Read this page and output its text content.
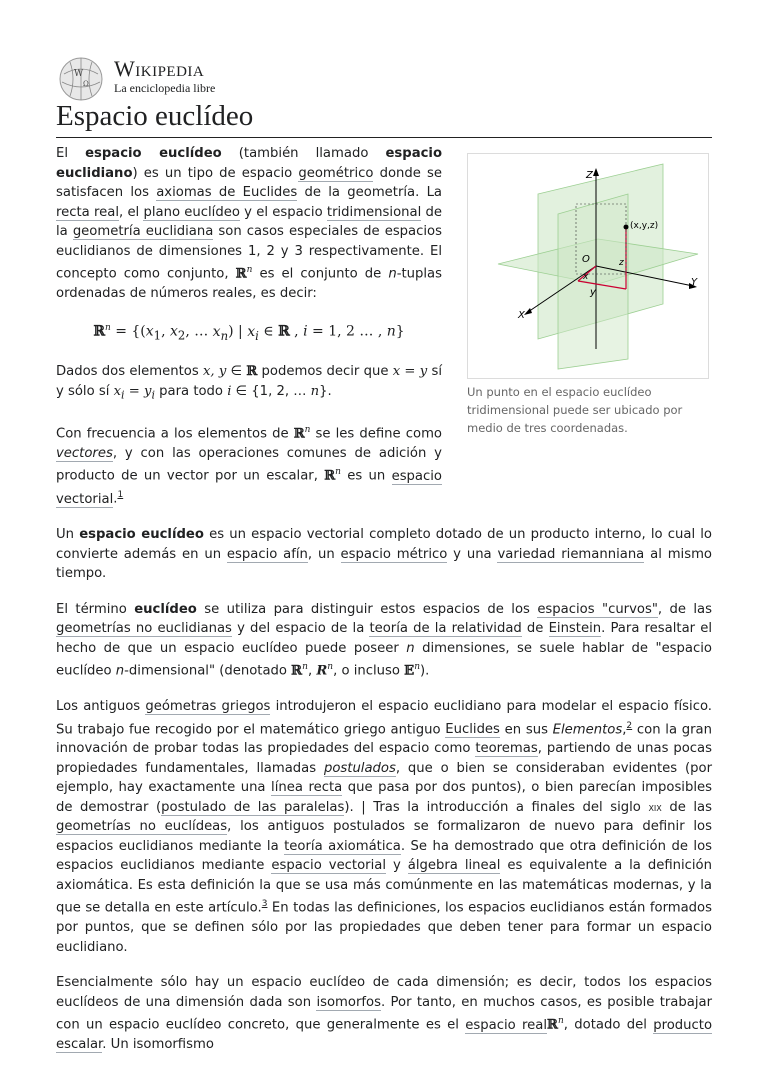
W
Ω
Wikipedia
La enciclopedia libre
Espacio euclídeo
Z
Y
X
O
(x,y,z)
x
y
z
Un punto en el espacio euclídeo tridimensional puede ser ubicado por medio de tres coordenadas.

El espacio euclídeo (también llamado espacio euclidiano) es un tipo de espacio geométrico donde se satisfacen los axiomas de Euclides de la geometría. La recta real, el plano euclídeo y el espacio tridimensional de la geometría euclidiana son casos especiales de espacios euclidianos de dimensiones 1, 2 y 3 respectivamente. El concepto como conjunto, ℝ$^n$ es el conjunto de n-tuplas ordenadas de números reales, es decir:

ℝ$^n$ = {($x_1$, $x_2$, … $x_n$) | $x_i$ ∈ ℝ , i = 1, 2 … , n}

Dados dos elementos x, y ∈ ℝ podemos decir que x = y sí y sólo sí $x_i = y_i$ para todo i ∈ {1, 2, … n}.

Con frecuencia a los elementos de ℝ$^n$ se les define como vectores, y con las operaciones comunes de adición y producto de un vector por un escalar, ℝ$^n$ es un espacio vectorial.$^1$

Un espacio euclídeo es un espacio vectorial completo dotado de un producto interno, lo cual lo convierte además en un espacio afín, un espacio métrico y una variedad riemanniana al mismo tiempo.

El término euclídeo se utiliza para distinguir estos espacios de los espacios "curvos", de las geometrías no euclidianas y del espacio de la teoría de la relatividad de Einstein. Para resaltar el hecho de que un espacio euclídeo puede poseer n dimensiones, se suele hablar de "espacio euclídeo n-dimensional" (denotado ℝ$^n$, $R^n$, o incluso 𝔼$^n$).

Los antiguos geómetras griegos introdujeron el espacio euclidiano para modelar el espacio físico. Su trabajo fue recogido por el matemático griego antiguo Euclides en sus Elementos,$^2$ con la gran innovación de probar todas las propiedades del espacio como teoremas, partiendo de unas pocas propiedades fundamentales, llamadas postulados, que o bien se consideraban evidentes (por ejemplo, hay exactamente una línea recta que pasa por dos puntos), o bien parecían imposibles de demostrar (postulado de las paralelas). | Tras la introducción a finales del siglo xix de las geometrías no euclídeas, los antiguos postulados se formalizaron de nuevo para definir los espacios euclidianos mediante la teoría axiomática. Se ha demostrado que otra definición de los espacios euclidianos mediante espacio vectorial y álgebra lineal es equivalente a la definición axiomática. Es esta definición la que se usa más comúnmente en las matemáticas modernas, y la que se detalla en este artículo.$^3$ En todas las definiciones, los espacios euclidianos están formados por puntos, que se definen sólo por las propiedades que deben tener para formar un espacio euclidiano.

Esencialmente sólo hay un espacio euclídeo de cada dimensión; es decir, todos los espacios euclídeos de una dimensión dada son isomorfos. Por tanto, en muchos casos, es posible trabajar con un espacio euclídeo concreto, que generalmente es el espacio realℝ$^n$, dotado del producto escalar. Un isomorfismo
